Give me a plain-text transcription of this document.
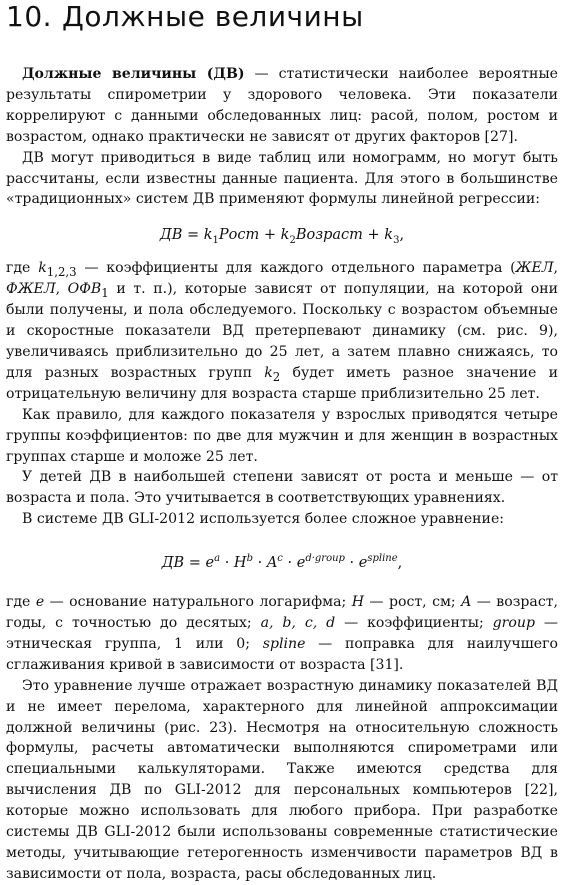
10. Должные величины

Должные величины (ДВ) — статистически наиболее вероятные результаты спирометрии у здорового человека. Эти показатели коррелируют с данными обследованных лиц: расой, полом, ростом и возрастом, однако практически не зависят от других факторов [27].

ДВ могут приводиться в виде таблиц или номограмм, но могут быть рассчитаны, если известны данные пациента. Для этого в большинстве «традиционных» систем ДВ применяют формулы линейной регрессии:

ДВ = $k_1Рост$ + $k_2Возраст + k_3$,

где $k_{1,2,3}$ — коэффициенты для каждого отдельного параметра (ЖЕЛ, ФЖЕЛ, $ОФВ_1$ и т. п.), которые зависят от популяции, на которой они были получены, и пола обследуемого. Поскольку с возрастом объемные и скоростные показатели ВД претерпевают динамику (см. рис. 9), увеличиваясь приблизительно до 25 лет, а затем плавно снижаясь, то для разных возрастных групп $k_2$ будет иметь разное значение и отрицательную величину для возраста старше приблизительно 25 лет.

Как правило, для каждого показателя у взрослых приводятся четыре группы коэффициентов: по две для мужчин и для женщин в возрастных группах старше и моложе 25 лет.

У детей ДВ в наибольшей степени зависят от роста и меньше — от возраста и пола. Это учитывается в соответствующих уравнениях.

В системе ДВ GLI-2012 используется более сложное уравнение:

ДВ = $e^a \cdot H^b \cdot A^c \cdot e^{d\cdot group} \cdot e^{spline}$,

где e — основание натурального логарифма; H — рост, см; A — возраст, годы, с точностью до десятых; a, b, c, d — коэффициенты; group — этническая группа, 1 или 0; spline — поправка для наилучшего сглаживания кривой в зависимости от возраста [31].

Это уравнение лучше отражает возрастную динамику показателей ВД и не имеет перелома, характерного для линейной аппроксимации должной величины (рис. 23). Несмотря на относительную сложность формулы, расчеты автоматически выполняются спирометрами или специальными калькуляторами. Также имеются средства для вычисления ДВ по GLI-2012 для персональных компьютеров [22], которые можно использовать для любого прибора. При разработке системы ДВ GLI-2012 были использованы современные статистические методы, учитывающие гетерогенность изменчивости параметров ВД в зависимости от пола, возраста, расы обследованных лиц.
